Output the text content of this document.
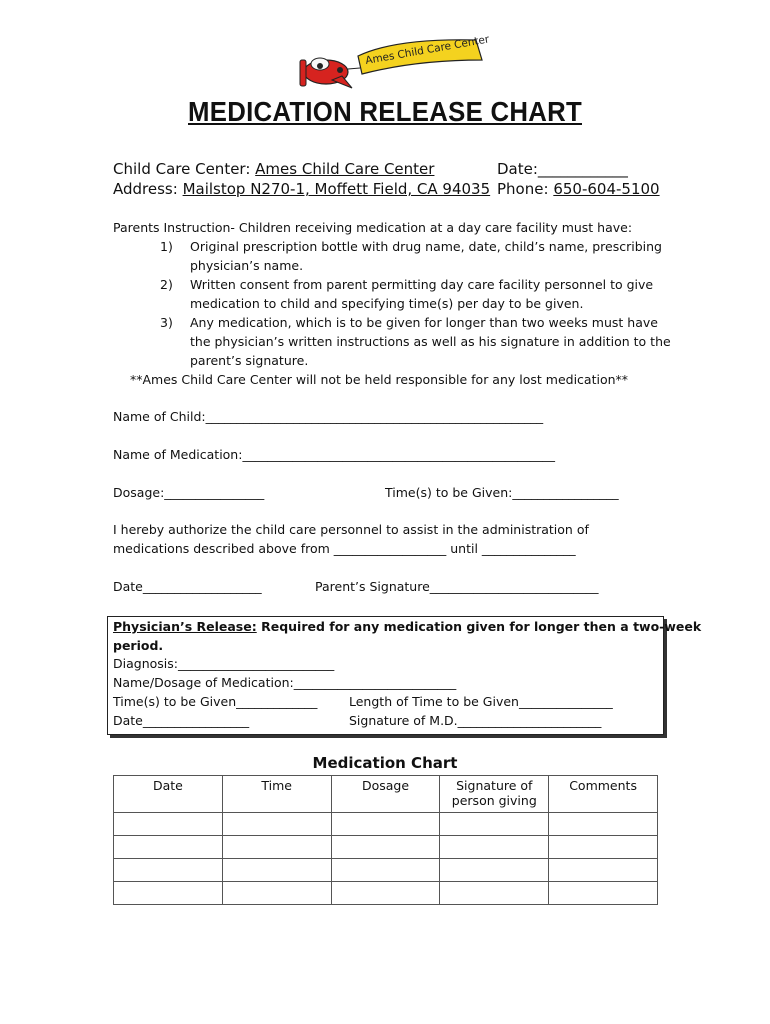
Ames Child Care Center
MEDICATION RELEASE CHART
Child Care Center: Ames Child Care Center
Address: Mailstop N270-1, Moffett Field, CA 94035
Date:____________
Phone: 650-604-5100
Parents Instruction- Children receiving medication at a day care facility must have:
1) Original prescription bottle with drug name, date, child’s name, prescribing
physician’s name.
2) Written consent from parent permitting day care facility personnel to give
medication to child and specifying time(s) per day to be given.
3) Any medication, which is to be given for longer than two weeks must have
the physician’s written instructions as well as his signature in addition to the
parent’s signature.
**Ames Child Care Center will not be held responsible for any lost medication**
Name of Child:______________________________________________________
Name of Medication:__________________________________________________
Dosage:________________	Time(s) to be Given:_________________
I hereby authorize the child care personnel to assist in the administration of
medications described above from __________________ until _______________
Date___________________	Parent’s Signature___________________________
Physician’s Release: Required for any medication given for longer then a two-week
period.
Diagnosis:_________________________
Name/Dosage of Medication:__________________________
Time(s) to be Given_____________	Length of Time to be Given_______________
Date_________________	Signature of M.D._______________________
Medication Chart
Date	Time	Dosage	Signature of person giving	Comments
